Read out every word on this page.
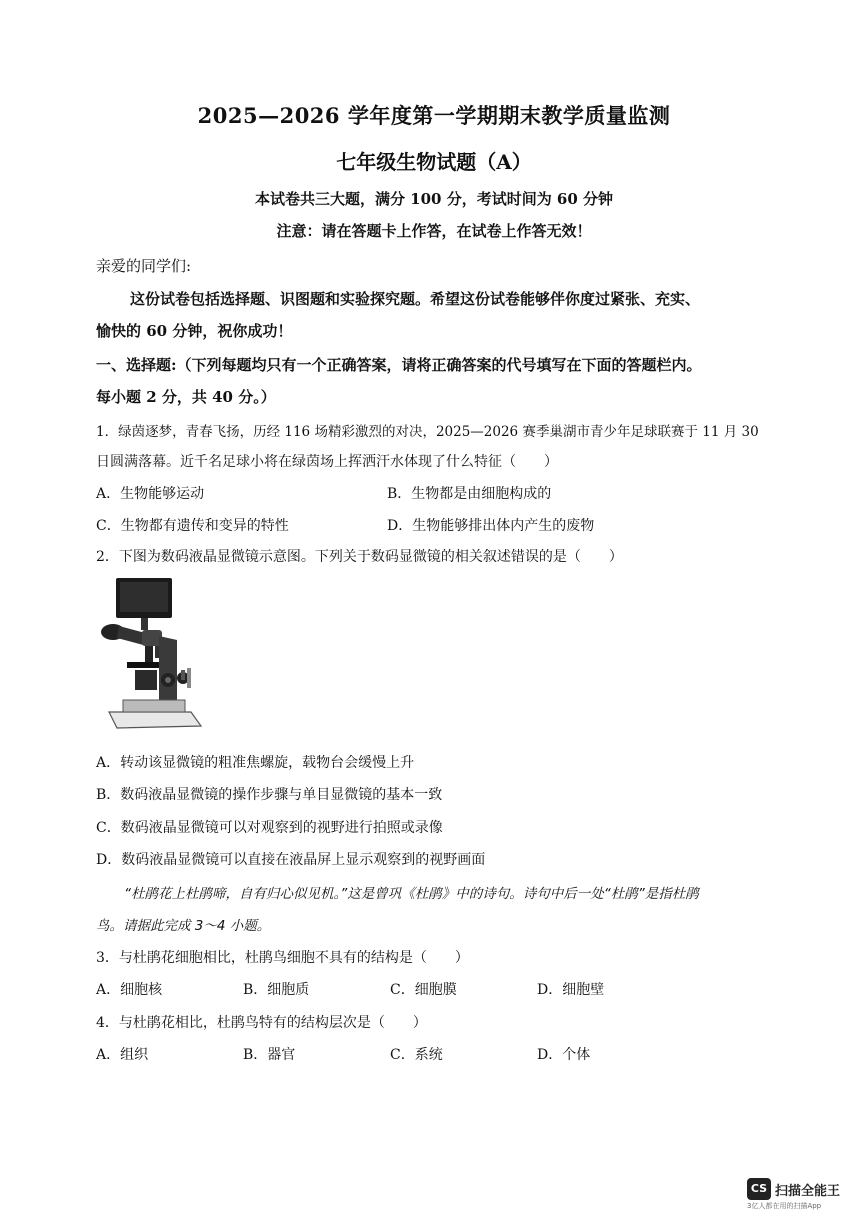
2025—2026 学年度第一学期期末教学质量监测
七年级生物试题（A）
本试卷共三大题，满分 100 分，考试时间为 60 分钟
注意：请在答题卡上作答，在试卷上作答无效！
亲爱的同学们:
这份试卷包括选择题、识图题和实验探究题。希望这份试卷能够伴你度过紧张、充实、
愉快的 60 分钟，祝你成功！
一、选择题:（下列每题均只有一个正确答案，请将正确答案的代号填写在下面的答题栏内。
每小题 2 分，共 40 分。）
1．绿茵逐梦，青春飞扬，历经 116 场精彩激烈的对决，2025—2026 赛季巢湖市青少年足球联赛于 11 月 30
日圆满落幕。近千名足球小将在绿茵场上挥洒汗水体现了什么特征（　　）
A．生物能够运动	B．生物都是由细胞构成的
C．生物都有遗传和变异的特性	D．生物能够排出体内产生的废物
2．下图为数码液晶显微镜示意图。下列关于数码显微镜的相关叙述错误的是（　　）
A．转动该显微镜的粗准焦螺旋，载物台会缓慢上升
B．数码液晶显微镜的操作步骤与单目显微镜的基本一致
C．数码液晶显微镜可以对观察到的视野进行拍照或录像
D．数码液晶显微镜可以直接在液晶屏上显示观察到的视野画面
“杜鹃花上杜鹃啼，自有归心似见机。”这是曾巩《杜鹃》中的诗句。诗句中后一处“杜鹃”是指杜鹃
鸟。请据此完成 3～4 小题。
3．与杜鹃花细胞相比，杜鹃鸟细胞不具有的结构是（　　）
A．细胞核	B．细胞质	C．细胞膜	D．细胞壁
4．与杜鹃花相比，杜鹃鸟特有的结构层次是（　　）
A．组织	B．器官	C．系统	D．个体
CS 扫描全能王
3亿人都在用的扫描App
